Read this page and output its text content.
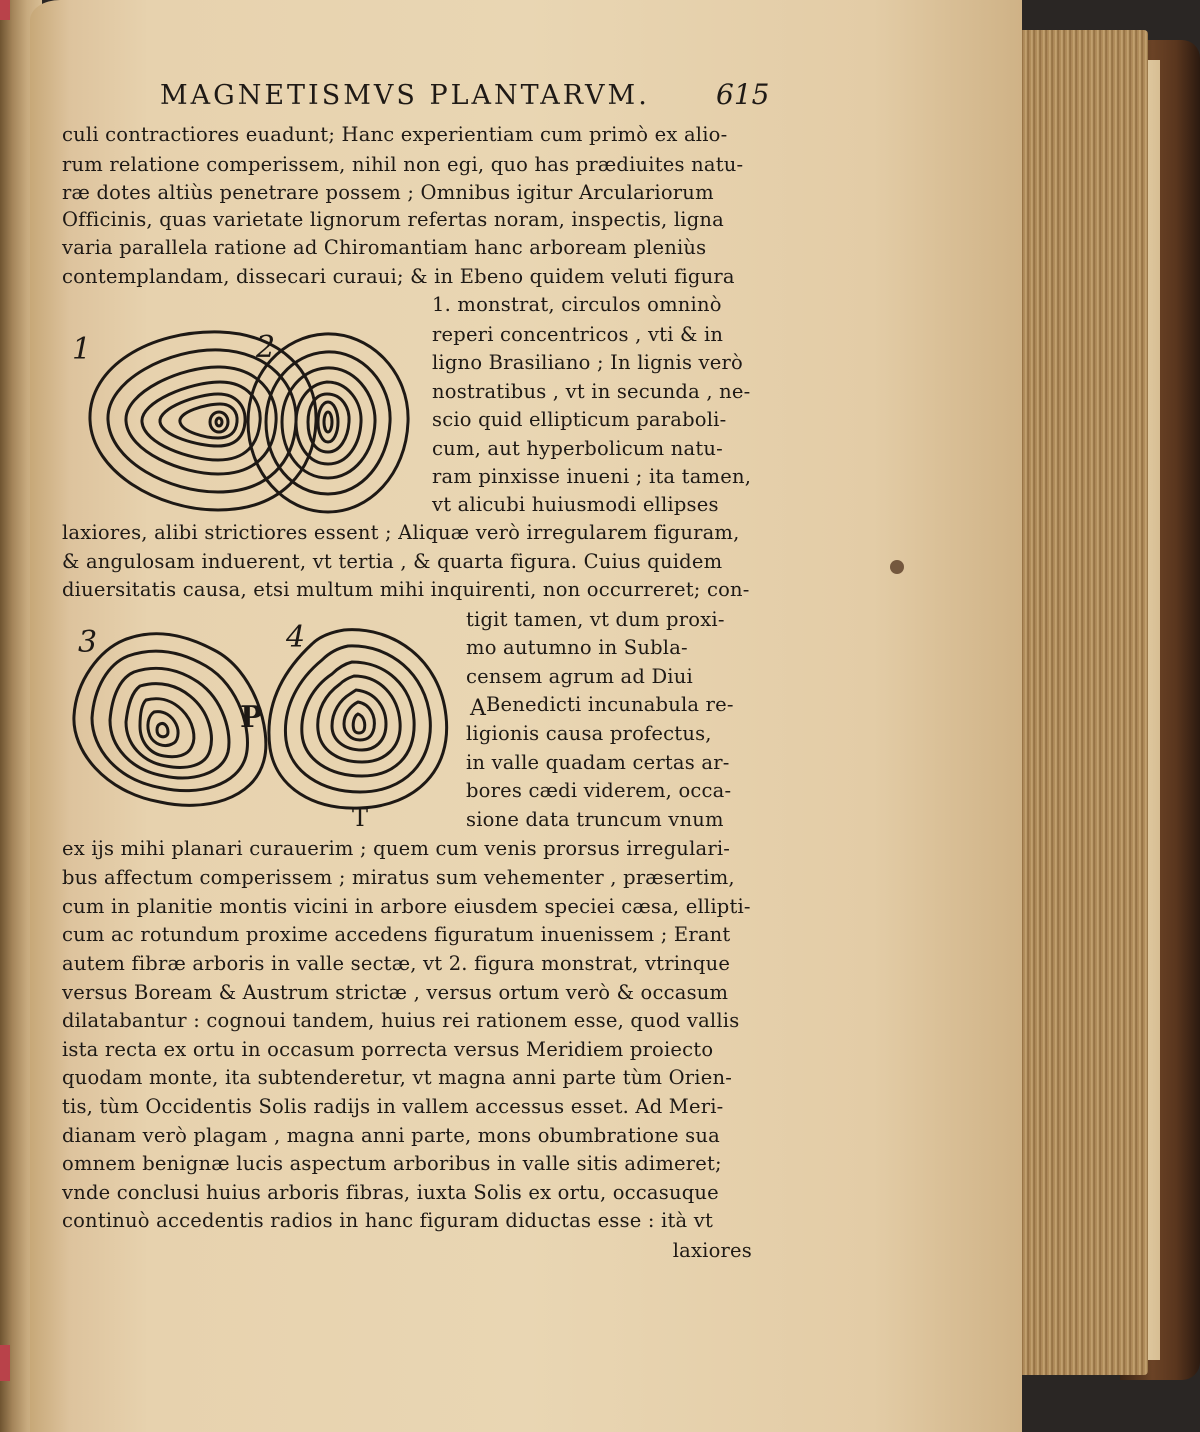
MAGNETISMVS PLANTARVM.	615
culi contractiores euadunt; Hanc experientiam cum primò ex alio-
rum relatione comperissem, nihil non egi, quo has prædiuites natu-
ræ dotes altiùs penetrare possem ; Omnibus igitur Arculariorum
Officinis, quas varietate lignorum refertas noram, inspectis, ligna
varia parallela ratione ad Chiromantiam hanc arboream pleniùs
contemplandam, dissecari curaui; & in Ebeno quidem veluti figura
1. monstrat, circulos omninò
reperi concentricos , vti & in
ligno Brasiliano ; In lignis verò
nostratibus , vt in secunda , ne-
scio quid ellipticum paraboli-
cum, aut hyperbolicum natu-
ram pinxisse inueni ; ita tamen,
vt alicubi huiusmodi ellipses
1	2
laxiores, alibi strictiores essent ; Aliquæ verò irregularem figuram,
& angulosam induerent, vt tertia , & quarta figura. Cuius quidem
diuersitatis causa, etsi multum mihi inquirenti, non occurreret; con-
tigit tamen, vt dum proxi-
mo autumno in Subla-
censem agrum ad Diui
Benedicti incunabula re-
ligionis causa profectus,
in valle quadam certas ar-
bores cædi viderem, occa-
sione data truncum vnum
3	4
P	A
T
ex ijs mihi planari curauerim ; quem cum venis prorsus irregulari-
bus affectum comperissem ; miratus sum vehementer , præsertim,
cum in planitie montis vicini in arbore eiusdem speciei cæsa, ellipti-
cum ac rotundum proxime accedens figuratum inuenissem ; Erant
autem fibræ arboris in valle sectæ, vt 2. figura monstrat, vtrinque
versus Boream & Austrum strictæ , versus ortum verò & occasum
dilatabantur : cognoui tandem, huius rei rationem esse, quod vallis
ista recta ex ortu in occasum porrecta versus Meridiem proiecto
quodam monte, ita subtenderetur, vt magna anni parte tùm Orien-
tis, tùm Occidentis Solis radijs in vallem accessus esset. Ad Meri-
dianam verò plagam , magna anni parte, mons obumbratione sua
omnem benignæ lucis aspectum arboribus in valle sitis adimeret;
vnde conclusi huius arboris fibras, iuxta Solis ex ortu, occasuque
continuò accedentis radios in hanc figuram diductas esse : ità vt
laxiores
